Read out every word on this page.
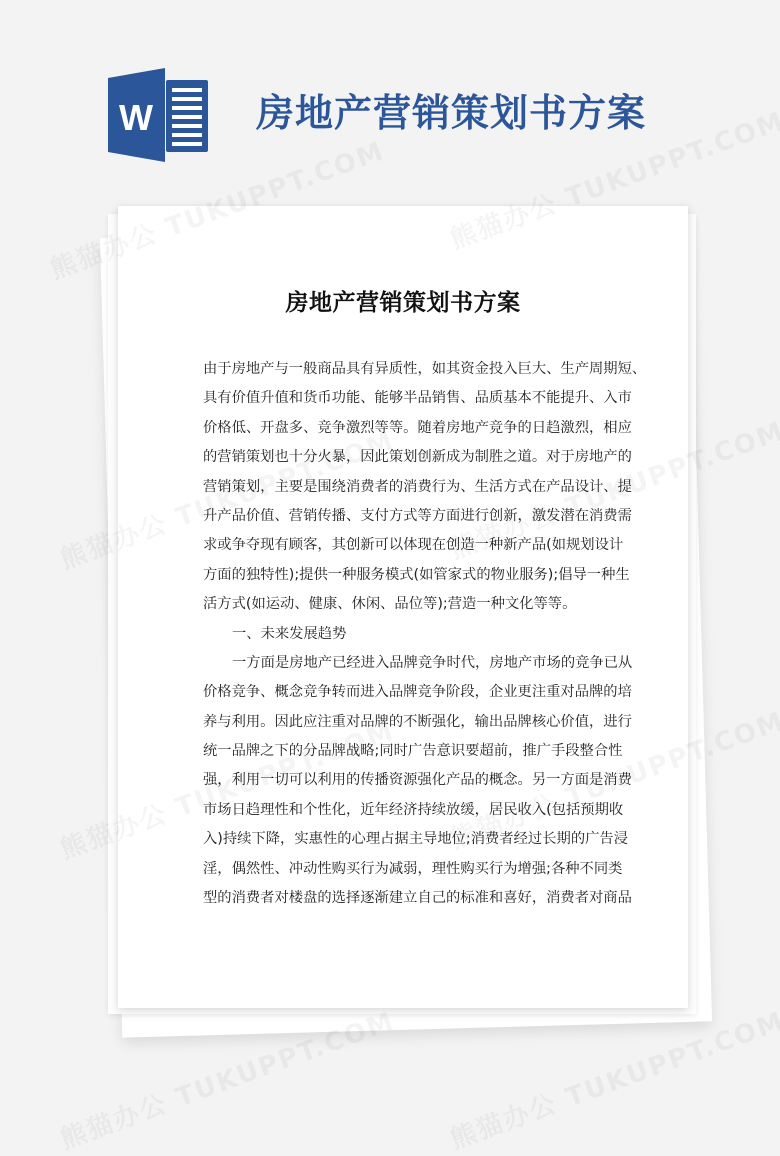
W	房地产营销策划书方案
房地产营销策划书方案
由于房地产与一般商品具有异质性，如其资金投入巨大、生产周期短、
具有价值升值和货币功能、能够半品销售、品质基本不能提升、入市
价格低、开盘多、竞争激烈等等。随着房地产竞争的日趋激烈，相应
的营销策划也十分火暴，因此策划创新成为制胜之道。对于房地产的
营销策划，主要是围绕消费者的消费行为、生活方式在产品设计、提
升产品价值、营销传播、支付方式等方面进行创新，激发潜在消费需
求或争夺现有顾客，其创新可以体现在创造一种新产品(如规划设计
方面的独特性);提供一种服务模式(如管家式的物业服务);倡导一种生
活方式(如运动、健康、休闲、品位等);营造一种文化等等。
一、未来发展趋势
一方面是房地产已经进入品牌竞争时代，房地产市场的竞争已从
价格竞争、概念竞争转而进入品牌竞争阶段，企业更注重对品牌的培
养与利用。因此应注重对品牌的不断强化，输出品牌核心价值，进行
统一品牌之下的分品牌战略;同时广告意识要超前，推广手段整合性
强，利用一切可以利用的传播资源强化产品的概念。另一方面是消费
市场日趋理性和个性化，近年经济持续放缓，居民收入(包括预期收
入)持续下降，实惠性的心理占据主导地位;消费者经过长期的广告浸
淫，偶然性、冲动性购买行为减弱，理性购买行为增强;各种不同类
型的消费者对楼盘的选择逐渐建立自己的标准和喜好，消费者对商品
